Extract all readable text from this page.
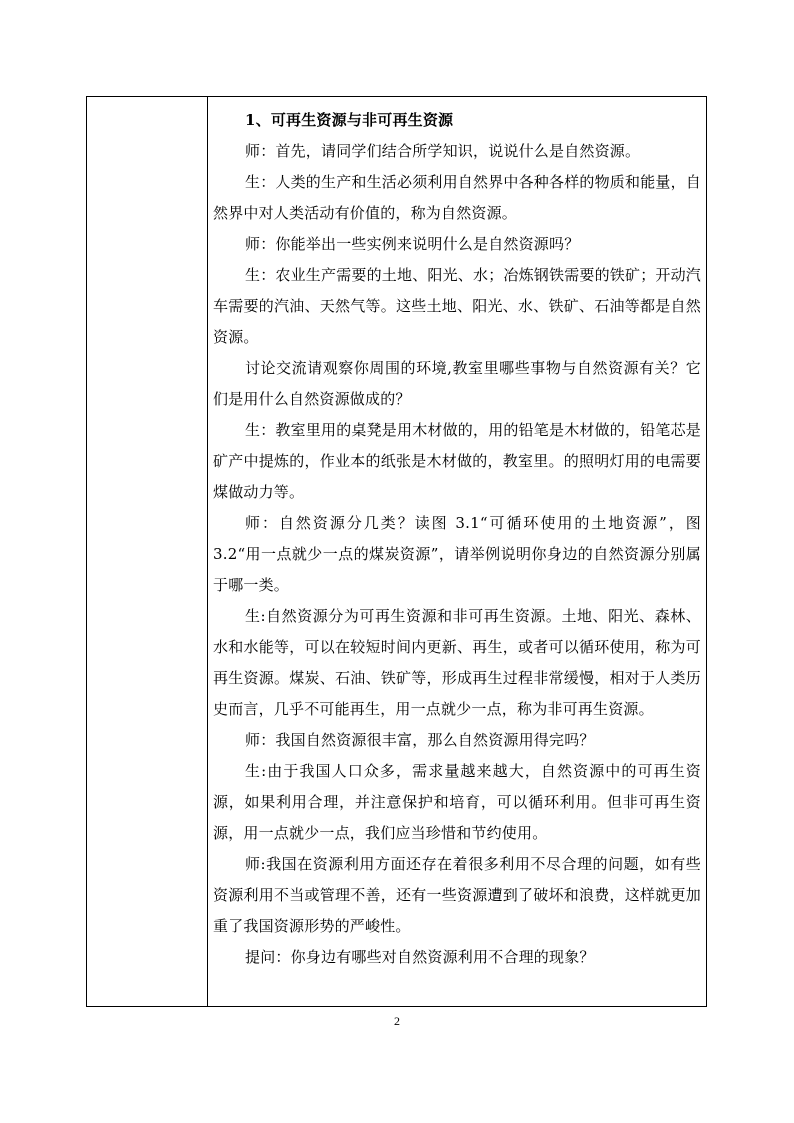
1、可再生资源与非可再生资源

师：首先，请同学们结合所学知识，说说什么是自然资源。

生：人类的生产和生活必须利用自然界中各种各样的物质和能量，自然界中对人类活动有价值的，称为自然资源。

师：你能举出一些实例来说明什么是自然资源吗？

生：农业生产需要的土地、阳光、水；冶炼钢铁需要的铁矿；开动汽车需要的汽油、天然气等。这些土地、阳光、水、铁矿、石油等都是自然资源。

讨论交流请观察你周围的环境,教室里哪些事物与自然资源有关？它们是用什么自然资源做成的？

生：教室里用的桌凳是用木材做的，用的铅笔是木材做的，铅笔芯是矿产中提炼的，作业本的纸张是木材做的，教室里。的照明灯用的电需要煤做动力等。

师：自然资源分几类？读图 3.1“可循环使用的土地资源”，图 3.2“用一点就少一点的煤炭资源”，请举例说明你身边的自然资源分别属于哪一类。

生:自然资源分为可再生资源和非可再生资源。土地、阳光、森林、水和水能等，可以在较短时间内更新、再生，或者可以循环使用，称为可再生资源。煤炭、石油、铁矿等，形成再生过程非常缓慢，相对于人类历史而言，几乎不可能再生，用一点就少一点，称为非可再生资源。

师：我国自然资源很丰富，那么自然资源用得完吗？

生:由于我国人口众多，需求量越来越大，自然资源中的可再生资源，如果利用合理，并注意保护和培育，可以循环利用。但非可再生资源，用一点就少一点，我们应当珍惜和节约使用。

师:我国在资源利用方面还存在着很多利用不尽合理的问题，如有些资源利用不当或管理不善，还有一些资源遭到了破坏和浪费，这样就更加重了我国资源形势的严峻性。

提问：你身边有哪些对自然资源利用不合理的现象？

2
